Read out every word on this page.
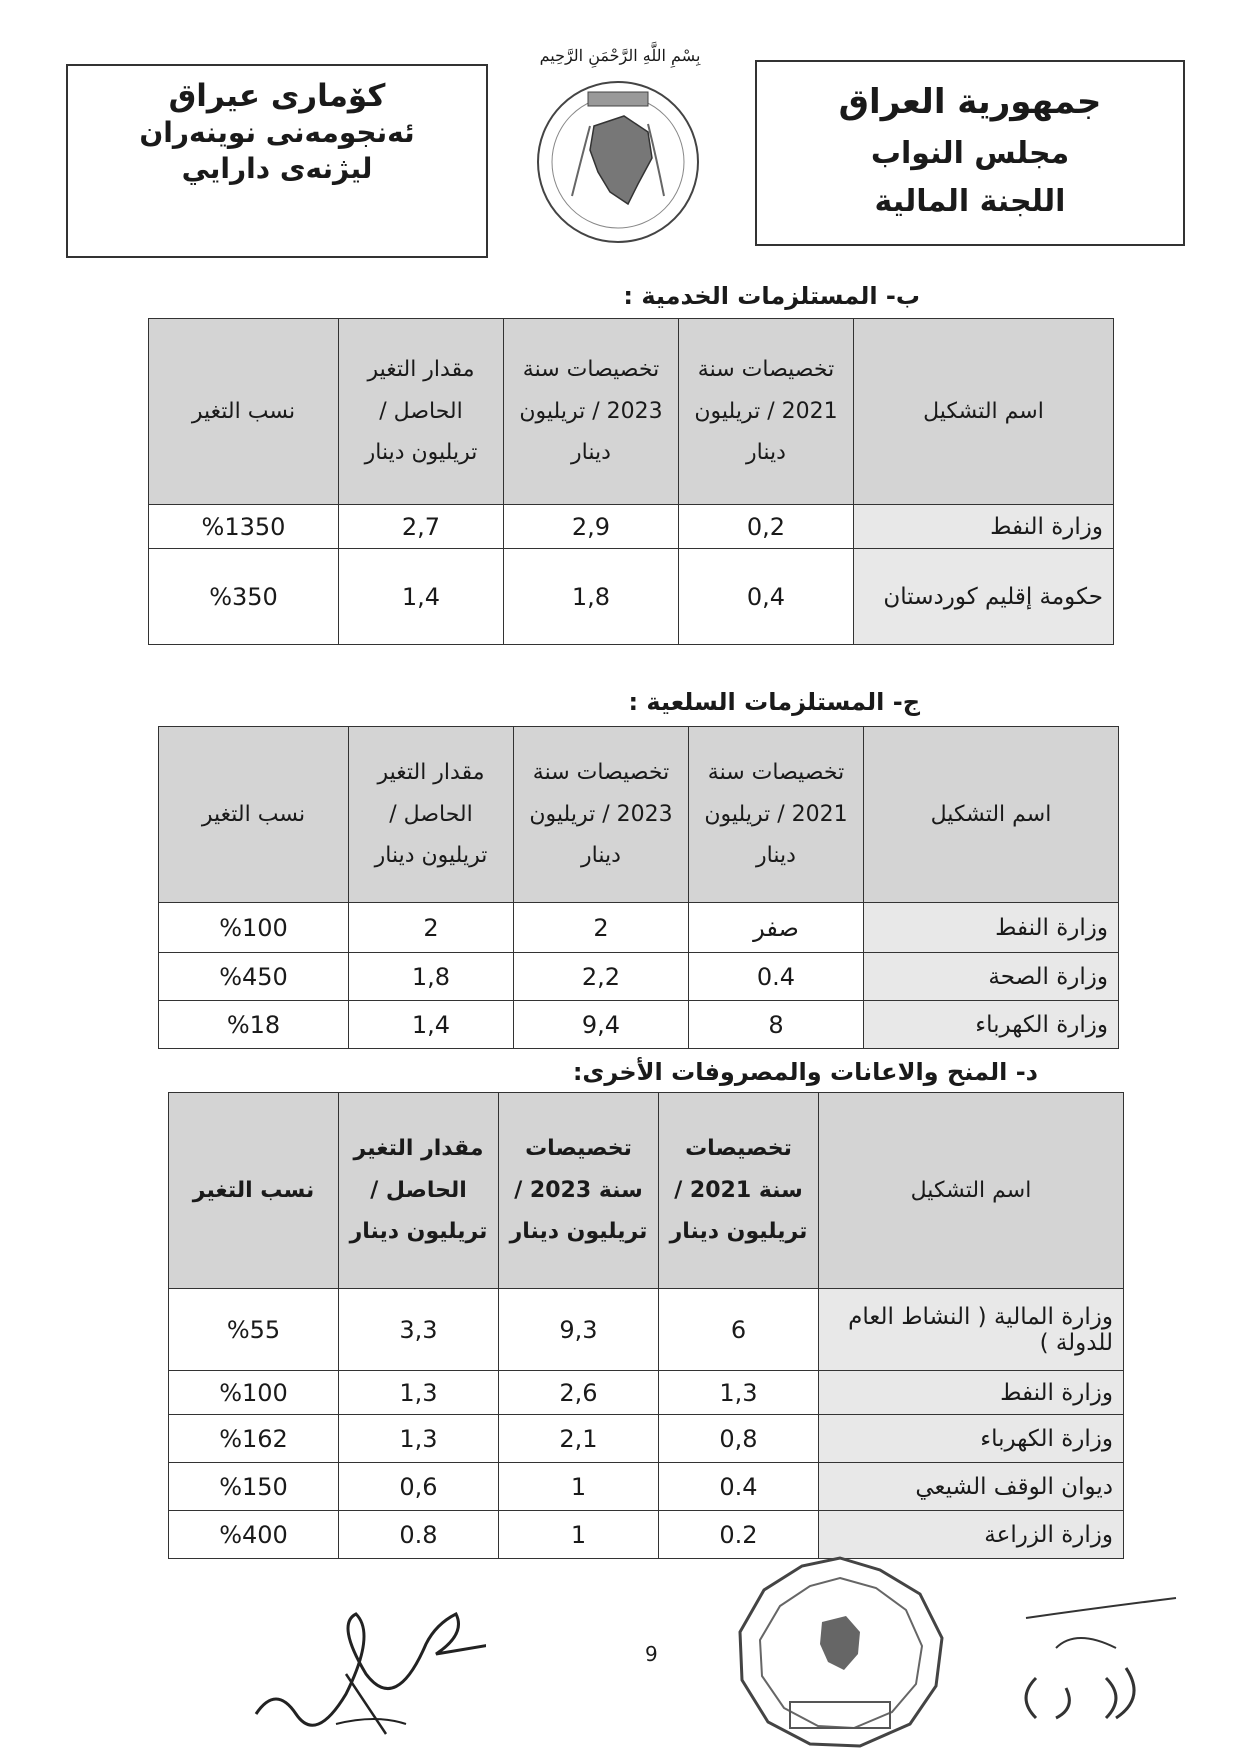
جمهورية العراق
مجلس النواب
اللجنة المالية
كۆمارى عيراق
ئەنجومەنى نوينەران
ليژنەى دارايي
بِسْمِ اللَّهِ الرَّحْمَنِ الرَّحِيم
ب- المستلزمات الخدمية :
اسم التشكيل	تخصيصات سنة 2021 / تريليون دينار	تخصيصات سنة 2023 / تريليون دينار	مقدار التغير الحاصل / تريليون دينار	نسب التغير
وزارة النفط	0,2	2,9	2,7	%1350
حكومة إقليم كوردستان	0,4	1,8	1,4	%350
ج- المستلزمات السلعية :
اسم التشكيل	تخصيصات سنة 2021 / تريليون دينار	تخصيصات سنة 2023 / تريليون دينار	مقدار التغير الحاصل / تريليون دينار	نسب التغير
وزارة النفط	صفر	2	2	%100
وزارة الصحة	0.4	2,2	1,8	%450
وزارة الكهرباء	8	9,4	1,4	%18
د- المنح والاعانات والمصروفات الأخرى:
اسم التشكيل	تخصيصات سنة 2021 / تريليون دينار	تخصيصات سنة 2023 / تريليون دينار	مقدار التغير الحاصل / تريليون دينار	نسب التغير
وزارة المالية ( النشاط العام للدولة )	6	9,3	3,3	%55
وزارة النفط	1,3	2,6	1,3	%100
وزارة الكهرباء	0,8	2,1	1,3	%162
ديوان الوقف الشيعي	0.4	1	0,6	%150
وزارة الزراعة	0.2	1	0.8	%400
9
